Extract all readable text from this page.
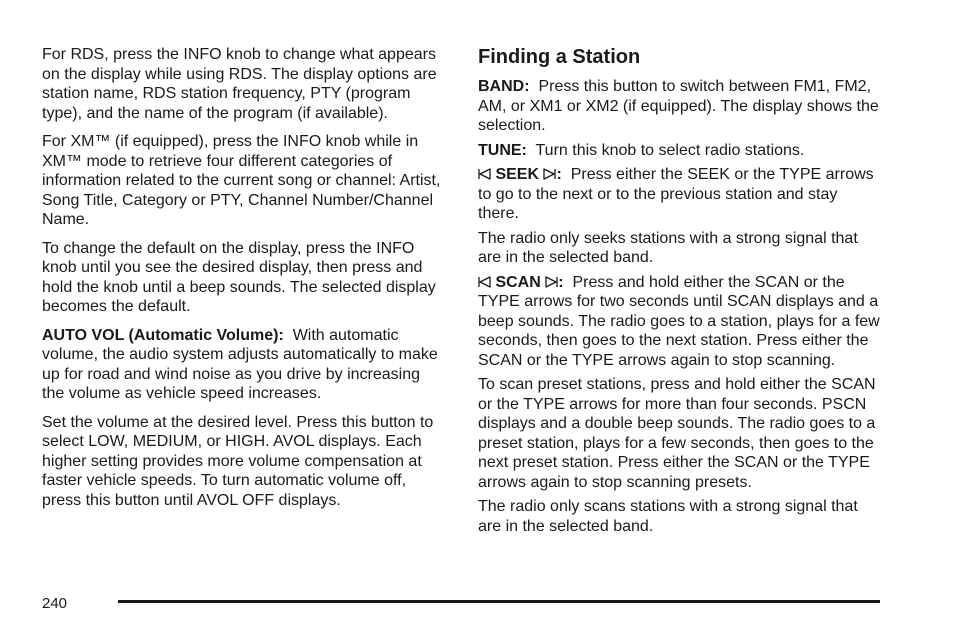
For RDS, press the INFO knob to change what appears on the display while using RDS. The display options are station name, RDS station frequency, PTY (program type), and the name of the program (if available).

For XM™ (if equipped), press the INFO knob while in XM™ mode to retrieve four different categories of information related to the current song or channel: Artist, Song Title, Category or PTY, Channel Number/Channel Name.

To change the default on the display, press the INFO knob until you see the desired display, then press and hold the knob until a beep sounds. The selected display becomes the default.

AUTO VOL (Automatic Volume): With automatic volume, the audio system adjusts automatically to make up for road and wind noise as you drive by increasing the volume as vehicle speed increases.

Set the volume at the desired level. Press this button to select LOW, MEDIUM, or HIGH. AVOL displays. Each higher setting provides more volume compensation at faster vehicle speeds. To turn automatic volume off, press this button until AVOL OFF displays.

Finding a Station

BAND: Press this button to switch between FM1, FM2, AM, or XM1 or XM2 (if equipped). The display shows the selection.

TUNE: Turn this knob to select radio stations.

SEEK : Press either the SEEK or the TYPE arrows to go to the next or to the previous station and stay there.

The radio only seeks stations with a strong signal that are in the selected band.

SCAN : Press and hold either the SCAN or the TYPE arrows for two seconds until SCAN displays and a beep sounds. The radio goes to a station, plays for a few seconds, then goes to the next station. Press either the SCAN or the TYPE arrows again to stop scanning.

To scan preset stations, press and hold either the SCAN or the TYPE arrows for more than four seconds. PSCN displays and a double beep sounds. The radio goes to a preset station, plays for a few seconds, then goes to the next preset station. Press either the SCAN or the TYPE arrows again to stop scanning presets.

The radio only scans stations with a strong signal that are in the selected band.

240
